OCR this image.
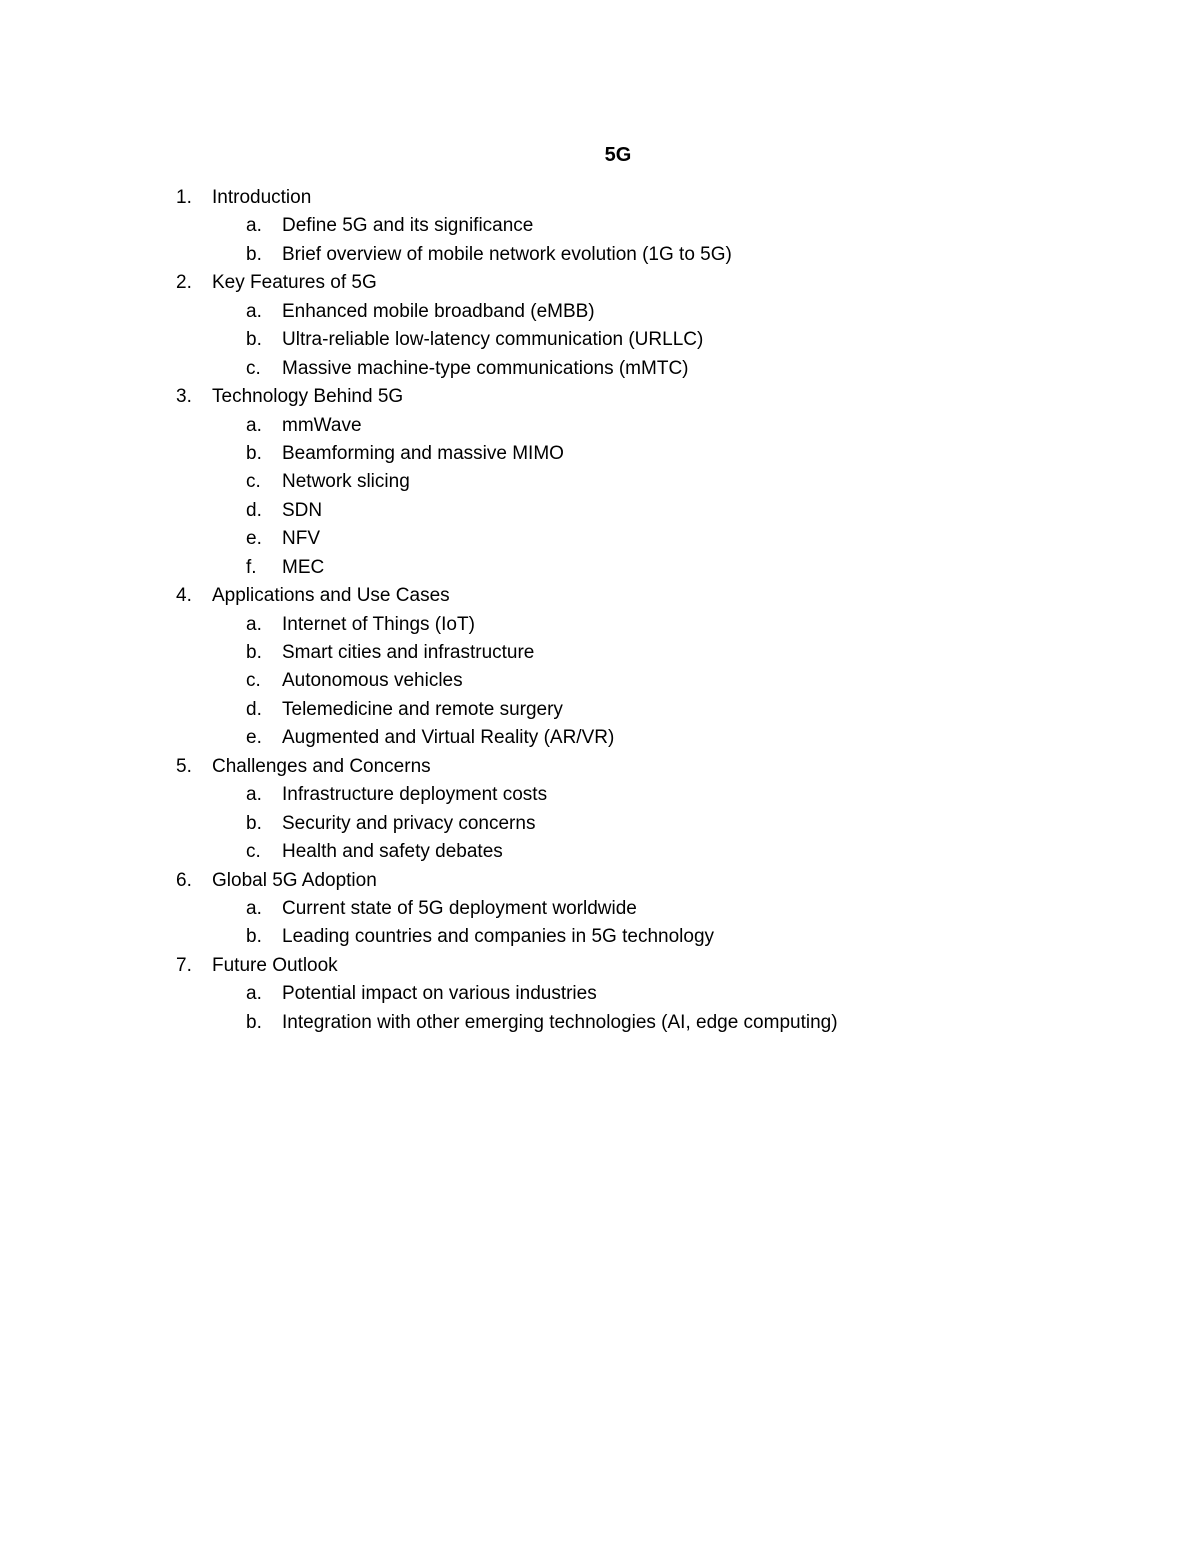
5G
1. Introduction
a. Define 5G and its significance
b. Brief overview of mobile network evolution (1G to 5G)
2. Key Features of 5G
a. Enhanced mobile broadband (eMBB)
b. Ultra-reliable low-latency communication (URLLC)
c. Massive machine-type communications (mMTC)
3. Technology Behind 5G
a. mmWave
b. Beamforming and massive MIMO
c. Network slicing
d. SDN
e. NFV
f. MEC
4. Applications and Use Cases
a. Internet of Things (IoT)
b. Smart cities and infrastructure
c. Autonomous vehicles
d. Telemedicine and remote surgery
e. Augmented and Virtual Reality (AR/VR)
5. Challenges and Concerns
a. Infrastructure deployment costs
b. Security and privacy concerns
c. Health and safety debates
6. Global 5G Adoption
a. Current state of 5G deployment worldwide
b. Leading countries and companies in 5G technology
7. Future Outlook
a. Potential impact on various industries
b. Integration with other emerging technologies (AI, edge computing)
